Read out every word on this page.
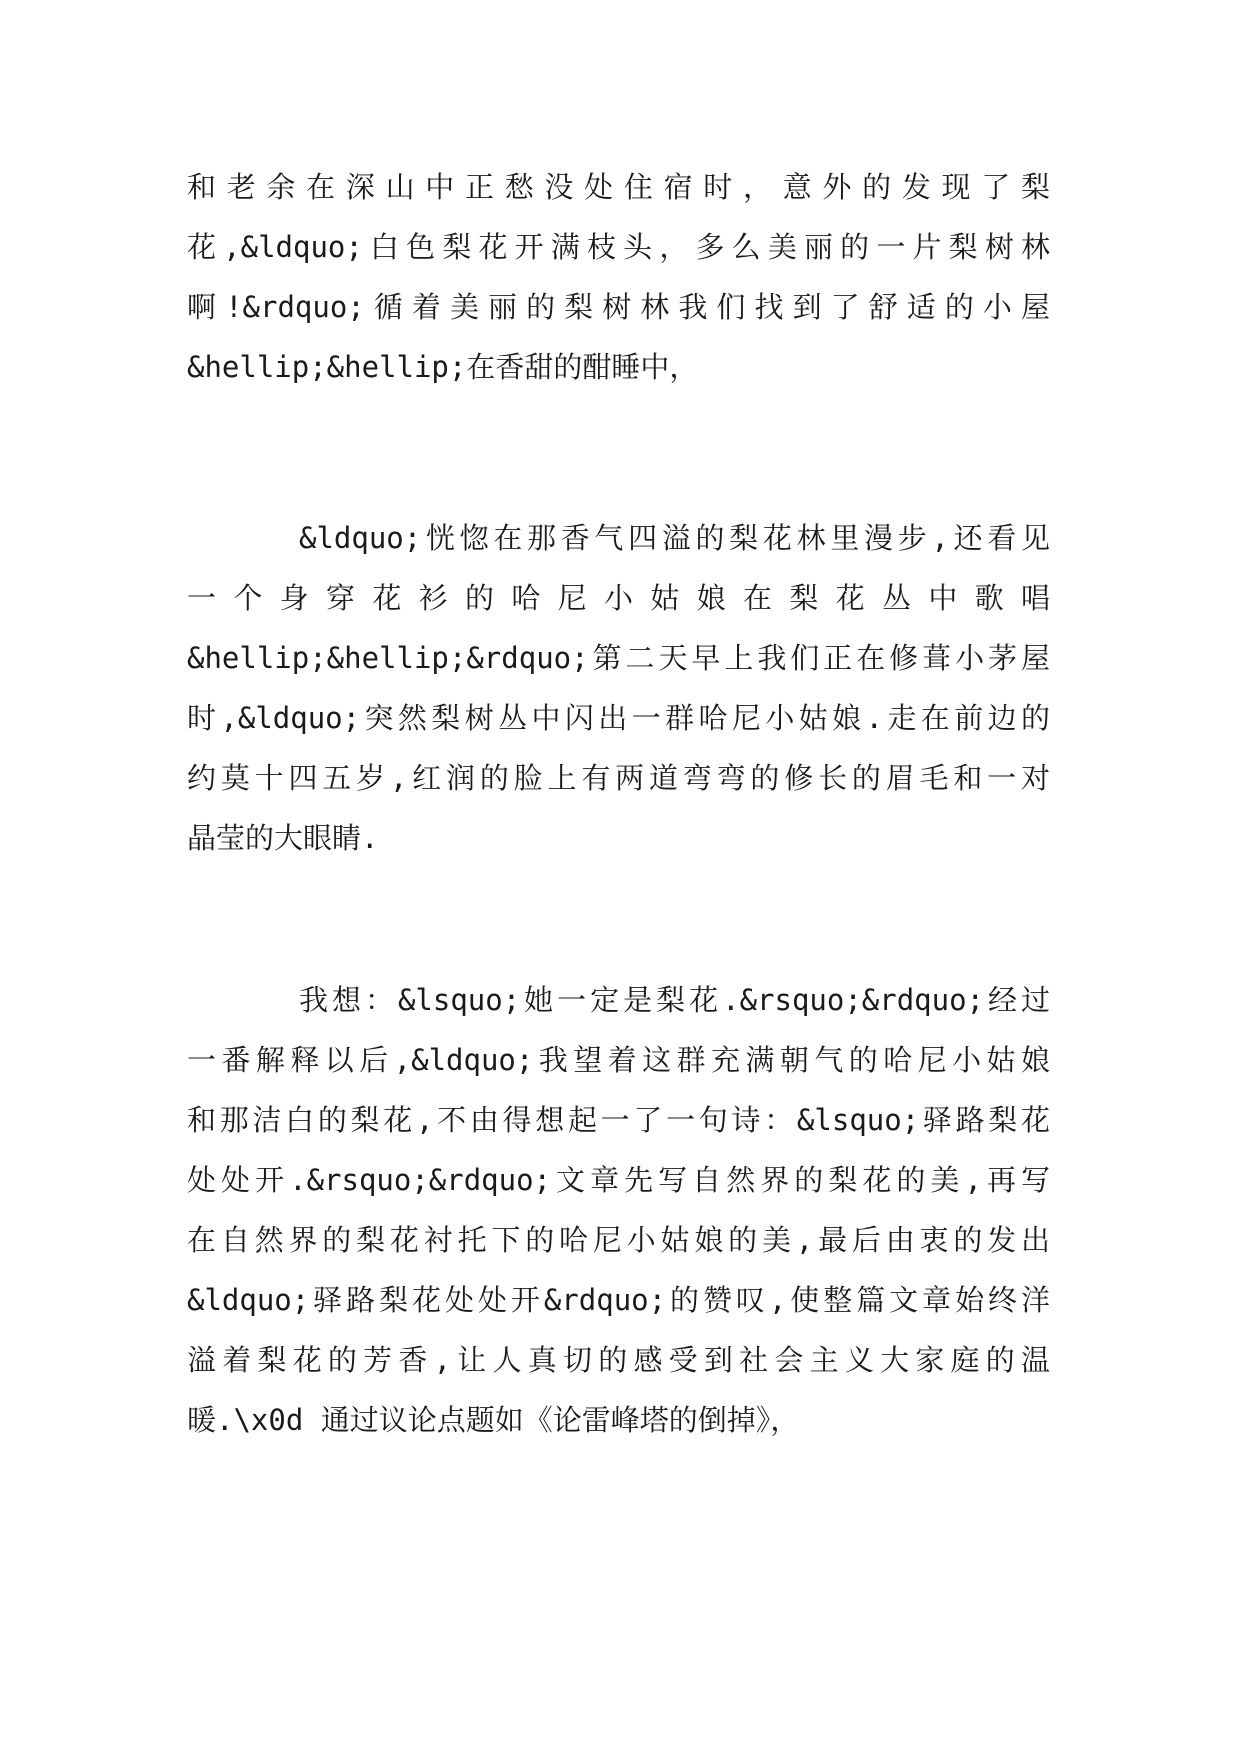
和老余在深山中正愁没处住宿时，意外的发现了梨
花,&ldquo;白色梨花开满枝头，多么美丽的一片梨树林
啊!&rdquo;循着美丽的梨树林我们找到了舒适的小屋
&hellip;&hellip;在香甜的酣睡中，
&ldquo;恍惚在那香气四溢的梨花林里漫步,还看见
一个身穿花衫的哈尼小姑娘在梨花丛中歌唱
&hellip;&hellip;&rdquo;第二天早上我们正在修葺小茅屋
时,&ldquo;突然梨树丛中闪出一群哈尼小姑娘.走在前边的
约莫十四五岁,红润的脸上有两道弯弯的修长的眉毛和一对
晶莹的大眼睛.
我想：&lsquo;她一定是梨花.&rsquo;&rdquo;经过
一番解释以后,&ldquo;我望着这群充满朝气的哈尼小姑娘
和那洁白的梨花,不由得想起一了一句诗：&lsquo;驿路梨花
处处开.&rsquo;&rdquo;文章先写自然界的梨花的美,再写
在自然界的梨花衬托下的哈尼小姑娘的美,最后由衷的发出
&ldquo;驿路梨花处处开&rdquo;的赞叹,使整篇文章始终洋
溢着梨花的芳香,让人真切的感受到社会主义大家庭的温
暖.\x0d 通过议论点题如《论雷峰塔的倒掉》，
